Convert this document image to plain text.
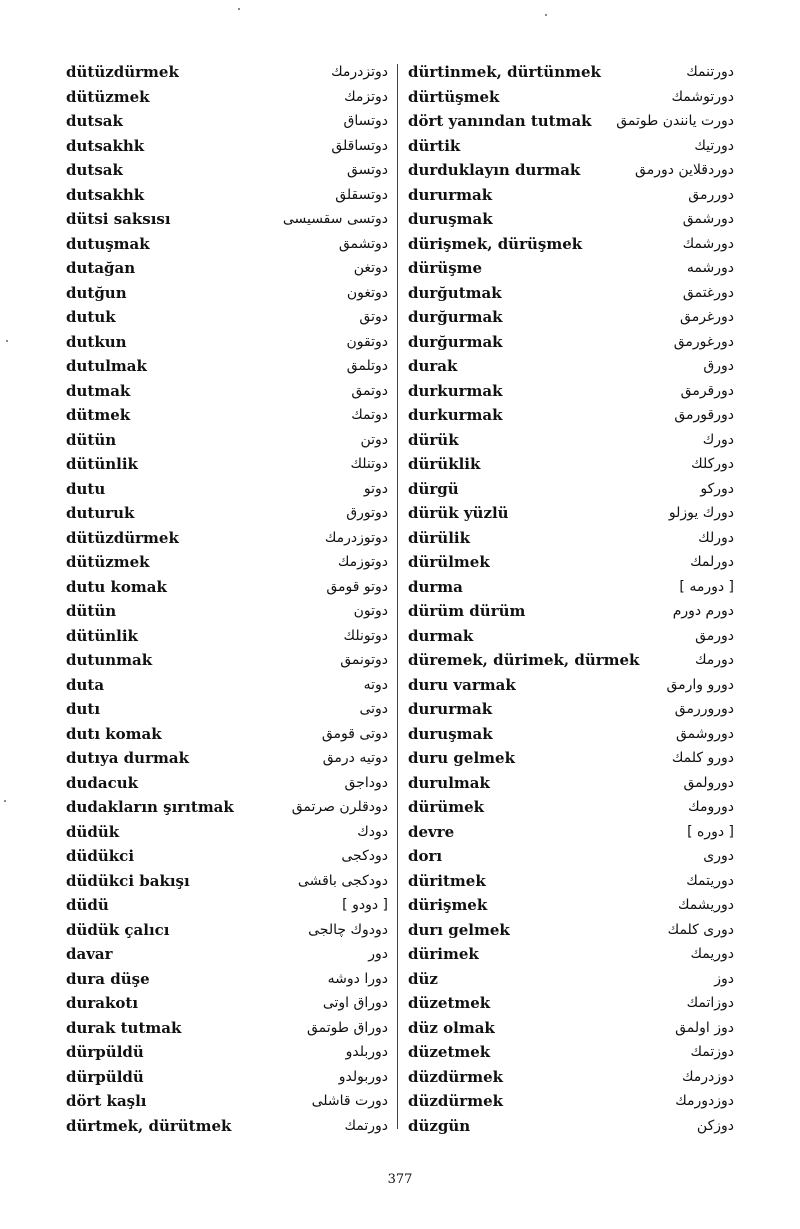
dütüzdürmek	دوتزدرمك
dütüzmek	دوتزمك
dutsak	دوتساق
dutsakhk	دوتساقلق
dutsak	دوتسق
dutsakhk	دوتسقلق
dütsi saksısı	دوتسی سقسیسی
dutuşmak	دوتشمق
dutağan	دوتغن
dutğun	دوتغون
dutuk	دوتق
dutkun	دوتقون
dutulmak	دوتلمق
dutmak	دوتمق
dütmek	دوتمك
dütün	دوتن
dütünlik	دوتنلك
dutu	دوتو
duturuk	دوتورق
dütüzdürmek	دوتوزدرمك
dütüzmek	دوتوزمك
dutu komak	دوتو قومق
dütün	دوتون
dütünlik	دوتونلك
dutunmak	دوتونمق
duta	دوته
dutı	دوتی
dutı komak	دوتی قومق
dutıya durmak	دوتیه درمق
dudacuk	دوداجق
dudakların şırıtmak	دودقلرن صرتمق
düdük	دودك
düdükci	دودكجی
düdükci bakışı	دودكجی باقشی
düdü	[ دودو ]
düdük çalıcı	دودوك چالجی
davar	دور
dura düşe	دورا دوشه
durakotı	دوراق اوتی
durak tutmak	دوراق طوتمق
dürpüldü	دوربلدو
dürpüldü	دوربولدو
dört kaşlı	دورت قاشلی
dürtmek, dürütmek	دورتمك
dürtinmek, dürtünmek	دورتنمك
dürtüşmek	دورتوشمك
dört yanından tutmak دورت یانندن طوتمق
dürtik	دورتیك
durduklayın durmak	دوردقلاین دورمق
dururmak	دوررمق
duruşmak	دورشمق
dürişmek, dürüşmek	دورشمك
dürüşme	دورشمه
durğutmak	دورغتمق
durğurmak	دورغرمق
durğurmak	دورغورمق
durak	دورق
durkurmak	دورقرمق
durkurmak	دورقورمق
dürük	دورك
dürüklik	دوركلك
dürgü	دوركو
dürük yüzlü	دورك یوزلو
dürülik	دورلك
dürülmek	دورلمك
durma	[ دورمه ]
dürüm dürüm	دورم دورم
durmak	دورمق
düremek, dürimek, dürmek	دورمك
duru varmak	دورو وارمق
dururmak	دوروررمق
duruşmak	دوروشمق
duru gelmek	دورو كلمك
durulmak	دورولمق
dürümek	دورومك
devre	[ دوره ]
dorı	دوری
düritmek	دوریتمك
dürişmek	دوریشمك
durı gelmek	دوری كلمك
dürimek	دوریمك
düz	دوز
düzetmek	دوزاتمك
düz olmak	دوز اولمق
düzetmek	دوزتمك
düzdürmek	دوزدرمك
düzdürmek	دوزدورمك
düzgün	دوزكن
377
